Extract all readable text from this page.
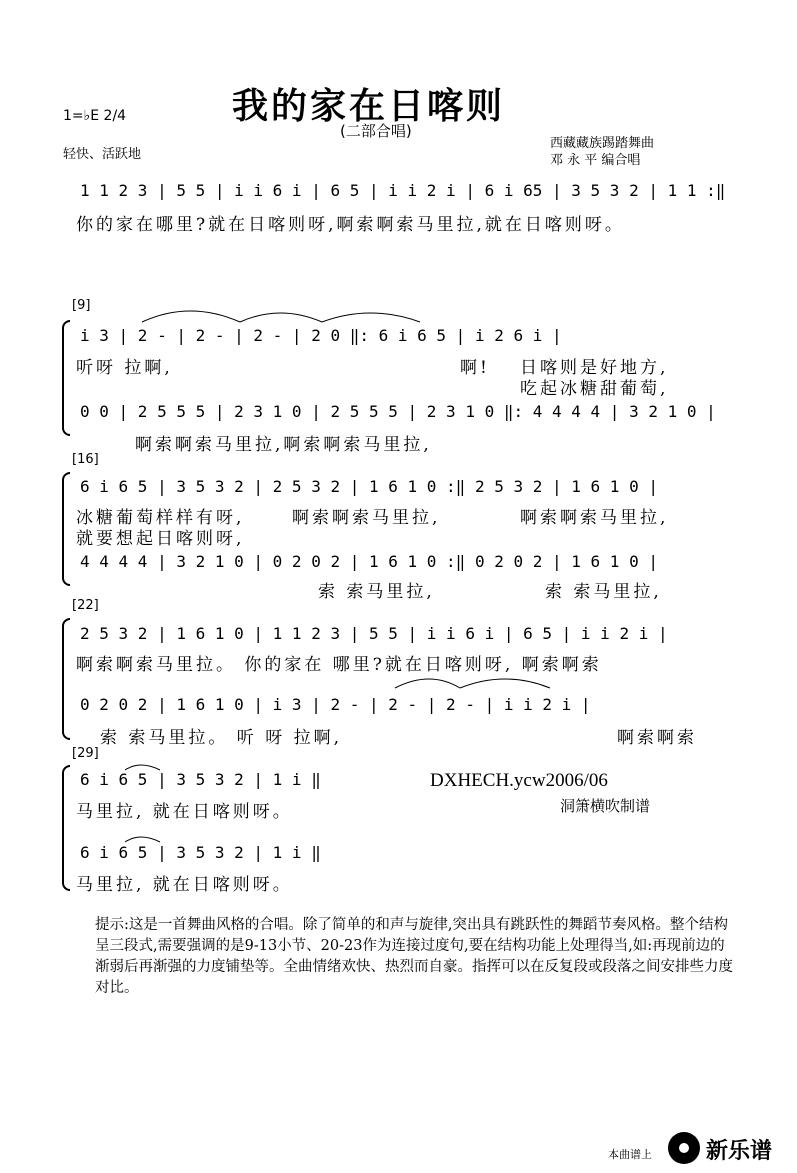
我的家在日喀则
(二部合唱)
1=♭E 2/4
轻快、活跃地
西藏藏族踢踏舞曲
邓 永 平 编合唱
1 1 2 3 | 5 5 | i i 6 i | 6 5 | i i 2 i | 6 i 65 | 3 5 3 2 | 1 1 :‖
你的家在哪里?就在日喀则呀,啊索啊索马里拉,就在日喀则呀。
[9]
i 3 | 2 - | 2 - | 2 - | 2 0 ‖: 6 i 6 5 | i 2 6 i |
听呀 拉啊,	啊! 日喀则是好地方,
吃起冰糖甜葡萄,
0 0 | 2 5 5 5 | 2 3 1 0 | 2 5 5 5 | 2 3 1 0 ‖: 4 4 4 4 | 3 2 1 0 |
啊索啊索马里拉,啊索啊索马里拉,
[16]
6 i 6 5 | 3 5 3 2 | 2 5 3 2 | 1 6 1 0 :‖ 2 5 3 2 | 1 6 1 0 |
冰糖葡萄样样有呀,	啊索啊索马里拉,	啊索啊索马里拉,
就要想起日喀则呀,
4 4 4 4 | 3 2 1 0 | 0 2 0 2 | 1 6 1 0 :‖ 0 2 0 2 | 1 6 1 0 |
索 索马里拉,	索 索马里拉,
[22]
2 5 3 2 | 1 6 1 0 | 1 1 2 3 | 5 5 | i i 6 i | 6 5 | i i 2 i |
啊索啊索马里拉。 你的家在 哪里?就在日喀则呀, 啊索啊索
0 2 0 2 | 1 6 1 0 | i 3 | 2 - | 2 - | 2 - | i i 2 i |
索 索马里拉。 听 呀 拉啊,	啊索啊索
[29]
6 i 6 5 | 3 5 3 2 | 1 i ‖
马里拉, 就在日喀则呀。
6 i 6 5 | 3 5 3 2 | 1 i ‖
马里拉, 就在日喀则呀。
DXHECH.ycw2006/06
洞箫横吹制谱
提示:这是一首舞曲风格的合唱。除了简单的和声与旋律,突出具有跳跃性的舞蹈节奏风格。整个结构呈三段式,需要强调的是9-13小节、20-23作为连接过度句,要在结构功能上处理得当,如:再现前边的渐弱后再渐强的力度铺垫等。全曲情绪欢快、热烈而自豪。指挥可以在反复段或段落之间安排些力度对比。
本曲谱上 新乐谱
